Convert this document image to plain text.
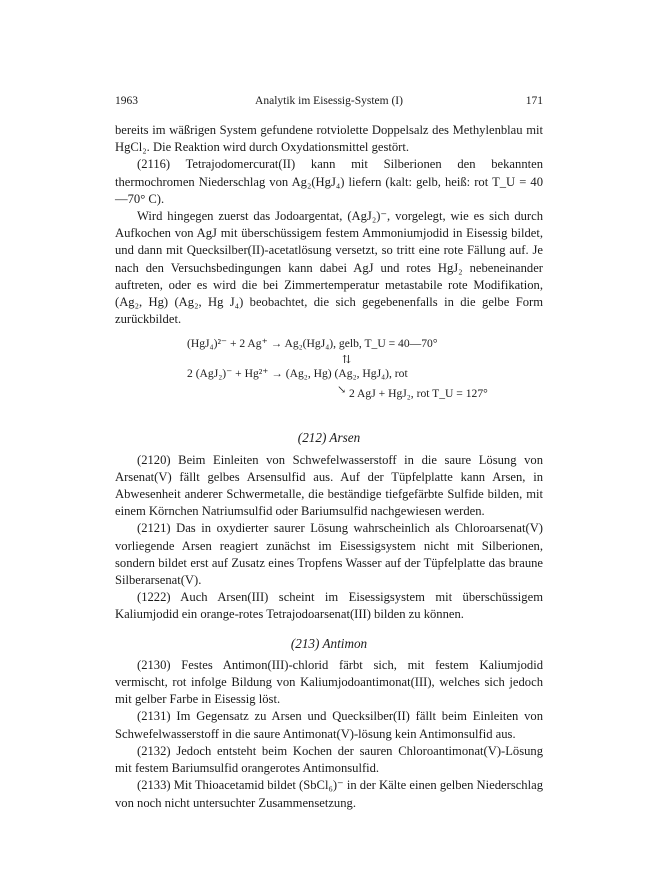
1963	Analytik im Eisessig-System (I)	171

bereits im wäßrigen System gefundene rotviolette Doppelsalz des Methylenblau mit HgCl₂. Die Reaktion wird durch Oxydationsmittel gestört.

(2116) Tetrajodomercurat(II) kann mit Silberionen den bekannten thermochromen Niederschlag von Ag₂(HgJ₄) liefern (kalt: gelb, heiß: rot T_U = 40—70° C).

Wird hingegen zuerst das Jodoargentat, (AgJ₂)⁻, vorgelegt, wie es sich durch Aufkochen von AgJ mit überschüssigem festem Ammoniumjodid in Eisessig bildet, und dann mit Quecksilber(II)-acetatlösung versetzt, so tritt eine rote Fällung auf. Je nach den Versuchsbedingungen kann dabei AgJ und rotes HgJ₂ nebeneinander auftreten, oder es wird die bei Zimmertemperatur metastabile rote Modifikation, (Ag₂, Hg) (Ag₂, Hg J₄) beobachtet, die sich gegebenenfalls in die gelbe Form zurückbildet.

(HgJ₄)²⁻ + 2 Ag⁺ → Ag₂(HgJ₄), gelb, T_U = 40—70°
⇅
2 (AgJ₂)⁻ + Hg²⁺ → (Ag₂, Hg) (Ag₂, HgJ₄), rot
↘ 2 AgJ + HgJ₂, rot T_U = 127°
(212) Arsen

(2120) Beim Einleiten von Schwefelwasserstoff in die saure Lösung von Arsenat(V) fällt gelbes Arsensulfid aus. Auf der Tüpfelplatte kann Arsen, in Abwesenheit anderer Schwermetalle, die beständige tiefgefärbte Sulfide bilden, mit einem Körnchen Natriumsulfid oder Bariumsulfid nachgewiesen werden.

(2121) Das in oxydierter saurer Lösung wahrscheinlich als Chloroarsenat(V) vorliegende Arsen reagiert zunächst im Eisessigsystem nicht mit Silberionen, sondern bildet erst auf Zusatz eines Tropfens Wasser auf der Tüpfelplatte das braune Silberarsenat(V).

(1222) Auch Arsen(III) scheint im Eisessigsystem mit überschüssigem Kaliumjodid ein orange-rotes Tetrajodoarsenat(III) bilden zu können.

(213) Antimon

(2130) Festes Antimon(III)-chlorid färbt sich, mit festem Kaliumjodid vermischt, rot infolge Bildung von Kaliumjodoantimonat(III), welches sich jedoch mit gelber Farbe in Eisessig löst.

(2131) Im Gegensatz zu Arsen und Quecksilber(II) fällt beim Einleiten von Schwefelwasserstoff in die saure Antimonat(V)-lösung kein Antimonsulfid aus.

(2132) Jedoch entsteht beim Kochen der sauren Chloroantimonat(V)-Lösung mit festem Bariumsulfid orangerotes Antimonsulfid.

(2133) Mit Thioacetamid bildet (SbCl₆)⁻ in der Kälte einen gelben Niederschlag von noch nicht untersuchter Zusammensetzung.
